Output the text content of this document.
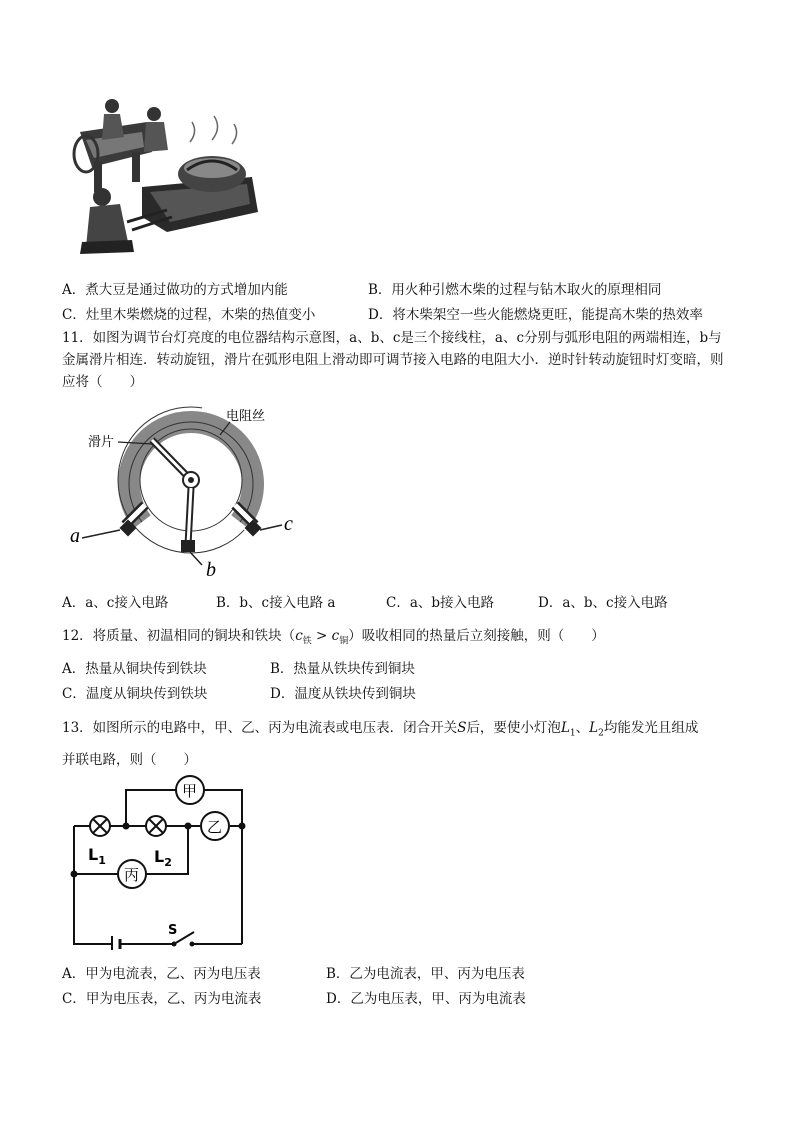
A．煮大豆是通过做功的方式增加内能	B．用火种引燃木柴的过程与钻木取火的原理相同
C．灶里木柴燃烧的过程，木柴的热值变小	D．将木柴架空一些火能燃烧更旺，能提高木柴的热效率
11．如图为调节台灯亮度的电位器结构示意图，a、b、c是三个接线柱，a、c分别与弧形电阻的两端相连，b与金属滑片相连．转动旋钮，滑片在弧形电阻上滑动即可调节接入电路的电阻大小．逆时针转动旋钮时灯变暗，则应将（　　）
滑片
电阻丝
a
b
c
A．a、c接入电路	B．b、c接入电路 a	C．a、b接入电路	D．a、b、c接入电路
12．将质量、初温相同的铜块和铁块$(c_铁 > c_铜)$吸收相同的热量后立刻接触，则（　　）
A．热量从铜块传到铁块	B．热量从铁块传到铜块
C．温度从铜块传到铁块	D．温度从铁块传到铜块
13．如图所示的电路中，甲、乙、丙为电流表或电压表．闭合开关S后，要使小灯泡$L_1$、$L_2$均能发光且组成
并联电路，则（　　）
甲
乙
丙
$L_1$	$L_2$
S
A．甲为电流表，乙、丙为电压表	B．乙为电流表，甲、丙为电压表
C．甲为电压表，乙、丙为电流表	D．乙为电压表，甲、丙为电流表
